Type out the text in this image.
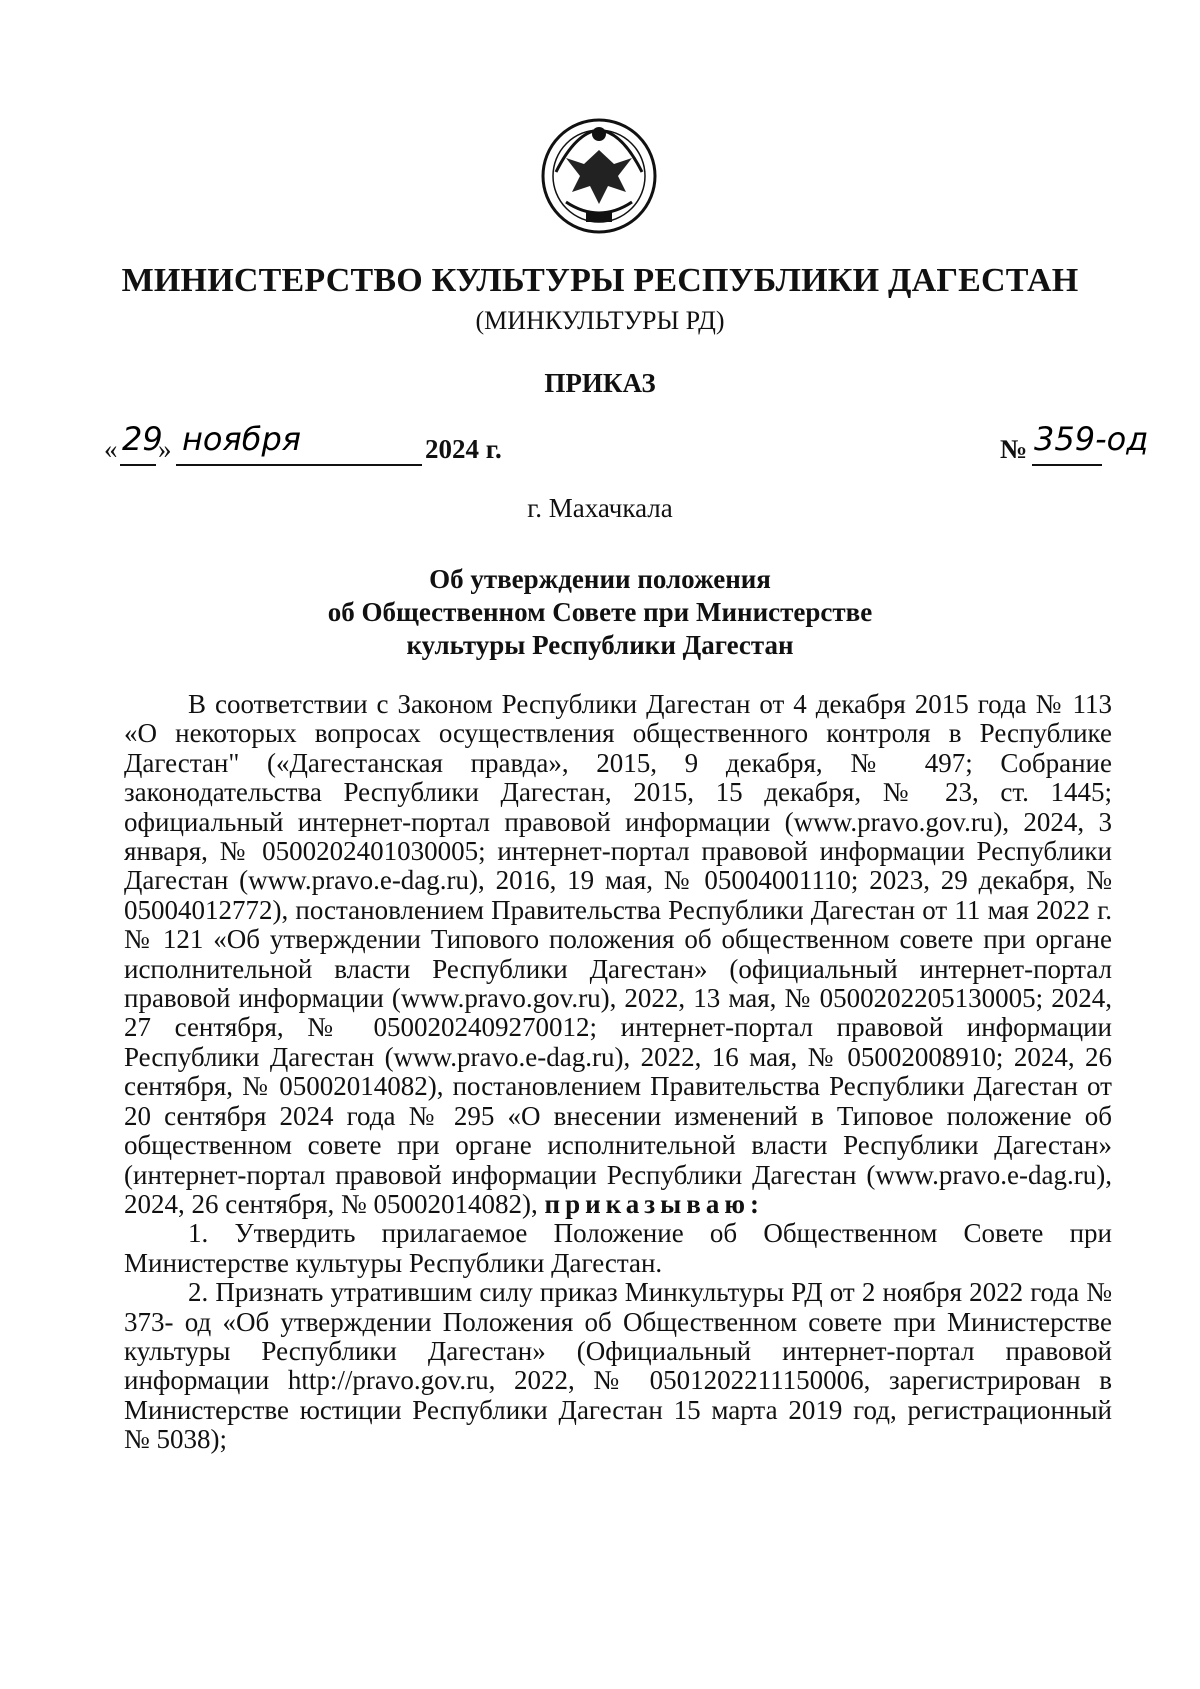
МИНИСТЕРСТВО КУЛЬТУРЫ РЕСПУБЛИКИ ДАГЕСТАН
(МИНКУЛЬТУРЫ РД)
ПРИКАЗ
« 29
» ноября	2024 г.	№ 359-од
г. Махачкала
Об утверждении положения
об Общественном Совете при Министерстве
культуры Республики Дагестан

В соответствии с Законом Республики Дагестан от 4 декабря 2015 года № 113 «О некоторых вопросах осуществления общественного контроля в Республике Дагестан" («Дагестанская правда», 2015, 9 декабря, № 497; Собрание законодательства Республики Дагестан, 2015, 15 декабря, № 23, ст. 1445; официальный интернет-портал правовой информации (www.pravo.gov.ru), 2024, 3 января, № 0500202401030005; интернет-портал правовой информации Республики Дагестан (www.pravo.e-dag.ru), 2016, 19 мая, № 05004001110; 2023, 29 декабря, № 05004012772), постановлением Правительства Республики Дагестан от 11 мая 2022 г. № 121 «Об утверждении Типового положения об общественном совете при органе исполнительной власти Республики Дагестан» (официальный интернет-портал правовой информации (www.pravo.gov.ru), 2022, 13 мая, № 0500202205130005; 2024, 27 сентября, № 0500202409270012; интернет-портал правовой информации Республики Дагестан (www.pravo.e-dag.ru), 2022, 16 мая, № 05002008910; 2024, 26 сентября, № 05002014082), постановлением Правительства Республики Дагестан от 20 сентября 2024 года № 295 «О внесении изменений в Типовое положение об общественном совете при органе исполнительной власти Республики Дагестан» (интернет-портал правовой информации Республики Дагестан (www.pravo.e-dag.ru), 2024, 26 сентября, № 05002014082), приказываю:

1. Утвердить прилагаемое Положение об Общественном Совете при Министерстве культуры Республики Дагестан.

2. Признать утратившим силу приказ Минкультуры РД от 2 ноября 2022 года № 373- од «Об утверждении Положения об Общественном совете при Министерстве культуры Республики Дагестан» (Официальный интернет-портал правовой информации http://pravo.gov.ru, 2022, № 0501202211150006, зарегистрирован в Министерстве юстиции Республики Дагестан 15 марта 2019 год, регистрационный № 5038);
